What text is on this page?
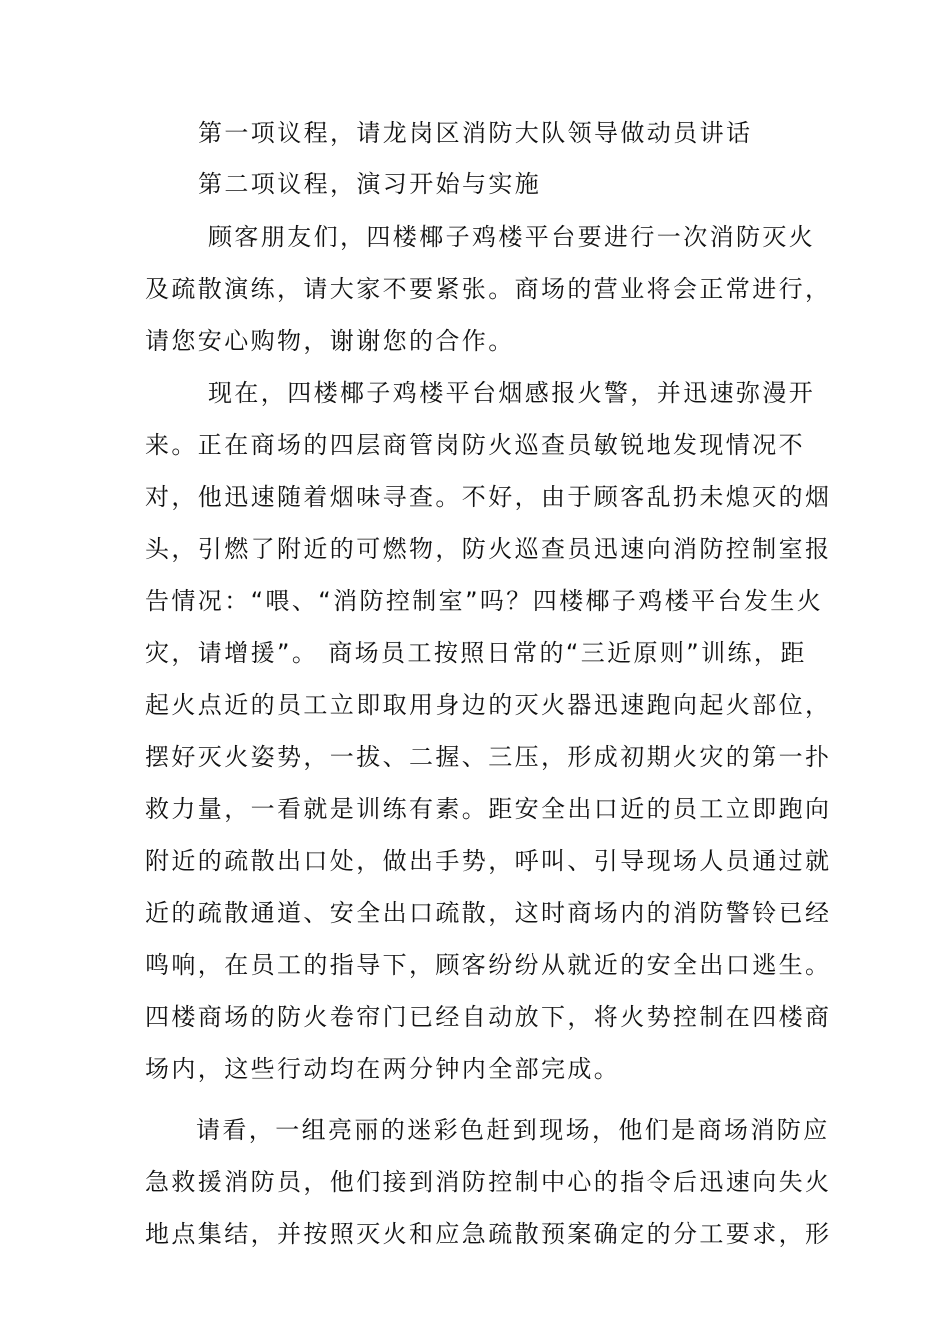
第一项议程，请龙岗区消防大队领导做动员讲话
第二项议程，演习开始与实施
顾客朋友们，四楼椰子鸡楼平台要进行一次消防灭火
及疏散演练，请大家不要紧张。商场的营业将会正常进行，
请您安心购物，谢谢您的合作。
现在，四楼椰子鸡楼平台烟感报火警，并迅速弥漫开
来。正在商场的四层商管岗防火巡查员敏锐地发现情况不
对，他迅速随着烟味寻查。不好，由于顾客乱扔未熄灭的烟
头，引燃了附近的可燃物，防火巡查员迅速向消防控制室报
告情况：“喂、“消防控制室”吗？四楼椰子鸡楼平台发生火
灾，请增援”。 商场员工按照日常的“三近原则”训练，距
起火点近的员工立即取用身边的灭火器迅速跑向起火部位，
摆好灭火姿势，一拔、二握、三压，形成初期火灾的第一扑
救力量，一看就是训练有素。距安全出口近的员工立即跑向
附近的疏散出口处，做出手势，呼叫、引导现场人员通过就
近的疏散通道、安全出口疏散，这时商场内的消防警铃已经
鸣响，在员工的指导下，顾客纷纷从就近的安全出口逃生。
四楼商场的防火卷帘门已经自动放下，将火势控制在四楼商
场内，这些行动均在两分钟内全部完成。
请看，一组亮丽的迷彩色赶到现场，他们是商场消防应
急救援消防员，他们接到消防控制中心的指令后迅速向失火
地点集结，并按照灭火和应急疏散预案确定的分工要求，形
